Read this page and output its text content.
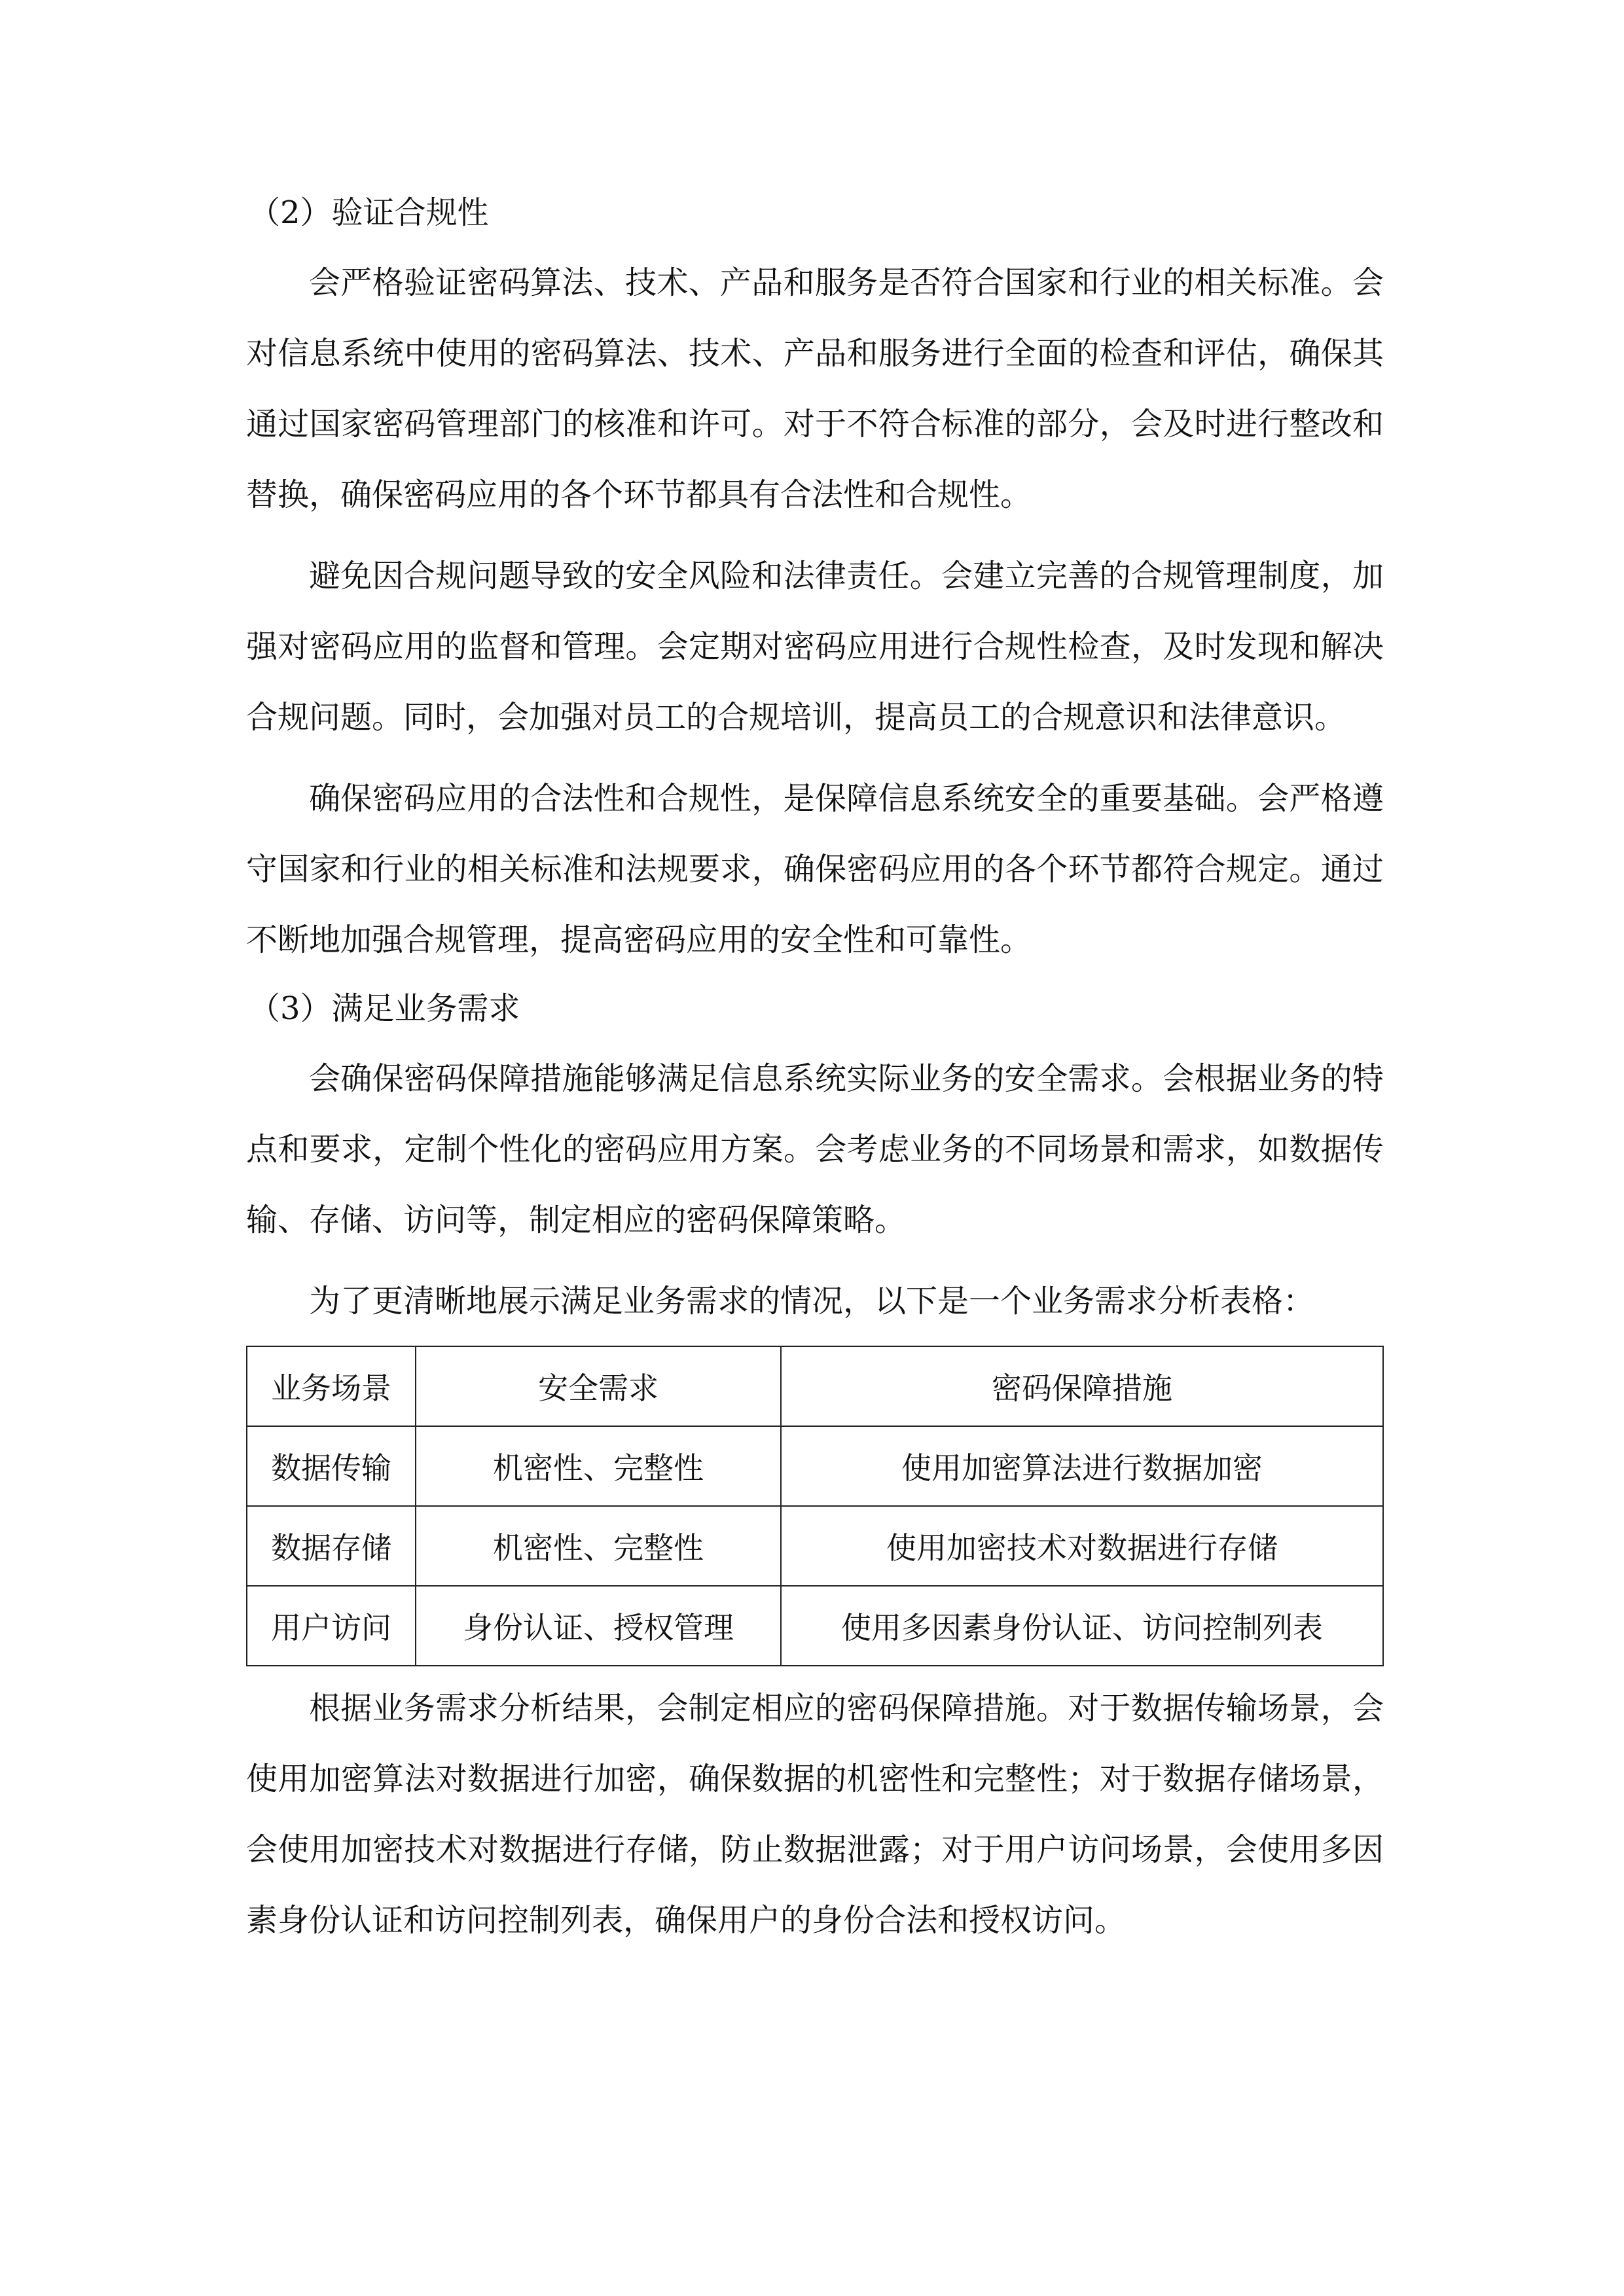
（2）验证合规性

会严格验证密码算法、技术、产品和服务是否符合国家和行业的相关标准。会对信息系统中使用的密码算法、技术、产品和服务进行全面的检查和评估，确保其通过国家密码管理部门的核准和许可。对于不符合标准的部分，会及时进行整改和替换，确保密码应用的各个环节都具有合法性和合规性。

避免因合规问题导致的安全风险和法律责任。会建立完善的合规管理制度，加强对密码应用的监督和管理。会定期对密码应用进行合规性检查，及时发现和解决合规问题。同时，会加强对员工的合规培训，提高员工的合规意识和法律意识。

确保密码应用的合法性和合规性，是保障信息系统安全的重要基础。会严格遵守国家和行业的相关标准和法规要求，确保密码应用的各个环节都符合规定。通过不断地加强合规管理，提高密码应用的安全性和可靠性。

（3）满足业务需求

会确保密码保障措施能够满足信息系统实际业务的安全需求。会根据业务的特点和要求，定制个性化的密码应用方案。会考虑业务的不同场景和需求，如数据传输、存储、访问等，制定相应的密码保障策略。

为了更清晰地展示满足业务需求的情况，以下是一个业务需求分析表格：

业务场景	安全需求	密码保障措施
数据传输	机密性、完整性	使用加密算法进行数据加密
数据存储	机密性、完整性	使用加密技术对数据进行存储
用户访问	身份认证、授权管理	使用多因素身份认证、访问控制列表

根据业务需求分析结果，会制定相应的密码保障措施。对于数据传输场景，会使用加密算法对数据进行加密，确保数据的机密性和完整性；对于数据存储场景，会使用加密技术对数据进行存储，防止数据泄露；对于用户访问场景，会使用多因素身份认证和访问控制列表，确保用户的身份合法和授权访问。
